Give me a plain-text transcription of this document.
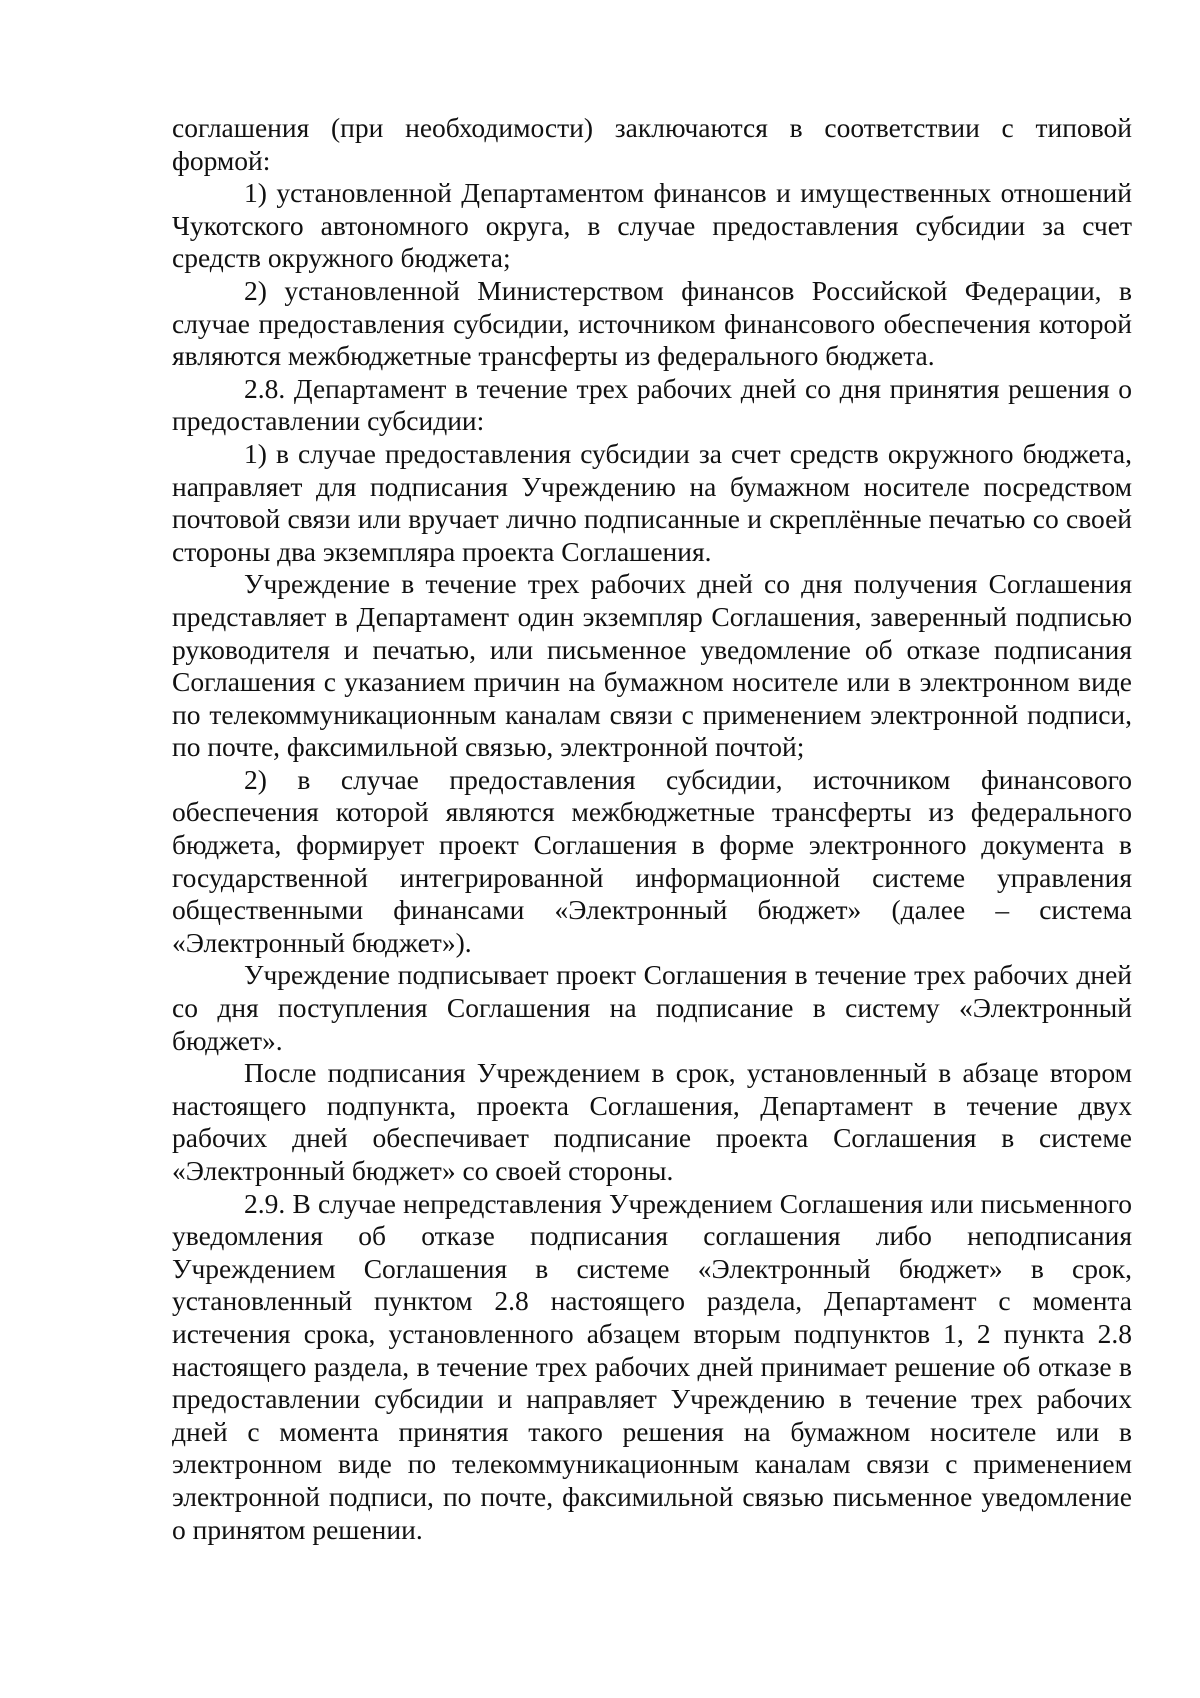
соглашения (при необходимости) заключаются в соответствии с типовой формой:

1) установленной Департаментом финансов и имущественных отношений Чукотского автономного округа, в случае предоставления субсидии за счет средств окружного бюджета;

2) установленной Министерством финансов Российской Федерации, в случае предоставления субсидии, источником финансового обеспечения которой являются межбюджетные трансферты из федерального бюджета.

2.8. Департамент в течение трех рабочих дней со дня принятия решения о предоставлении субсидии:

1) в случае предоставления субсидии за счет средств окружного бюджета, направляет для подписания Учреждению на бумажном носителе посредством почтовой связи или вручает лично подписанные и скреплённые печатью со своей стороны два экземпляра проекта Соглашения.

Учреждение в течение трех рабочих дней со дня получения Соглашения представляет в Департамент один экземпляр Соглашения, заверенный подписью руководителя и печатью, или письменное уведомление об отказе подписания Соглашения с указанием причин на бумажном носителе или в электронном виде по телекоммуникационным каналам связи с применением электронной подписи, по почте, факсимильной связью, электронной почтой;

2) в случае предоставления субсидии, источником финансового обеспечения которой являются межбюджетные трансферты из федерального бюджета, формирует проект Соглашения в форме электронного документа в государственной интегрированной информационной системе управления общественными финансами «Электронный бюджет» (далее – система «Электронный бюджет»).

Учреждение подписывает проект Соглашения в течение трех рабочих дней со дня поступления Соглашения на подписание в систему «Электронный бюджет».

После подписания Учреждением в срок, установленный в абзаце втором настоящего подпункта, проекта Соглашения, Департамент в течение двух рабочих дней обеспечивает подписание проекта Соглашения в системе «Электронный бюджет» со своей стороны.

2.9. В случае непредставления Учреждением Соглашения или письменного уведомления об отказе подписания соглашения либо неподписания Учреждением Соглашения в системе «Электронный бюджет» в срок, установленный пунктом 2.8 настоящего раздела, Департамент с момента истечения срока, установленного абзацем вторым подпунктов 1, 2 пункта 2.8 настоящего раздела, в течение трех рабочих дней принимает решение об отказе в предоставлении субсидии и направляет Учреждению в течение трех рабочих дней с момента принятия такого решения на бумажном носителе или в электронном виде по телекоммуникационным каналам связи с применением электронной подписи, по почте, факсимильной связью письменное уведомление о принятом решении.
